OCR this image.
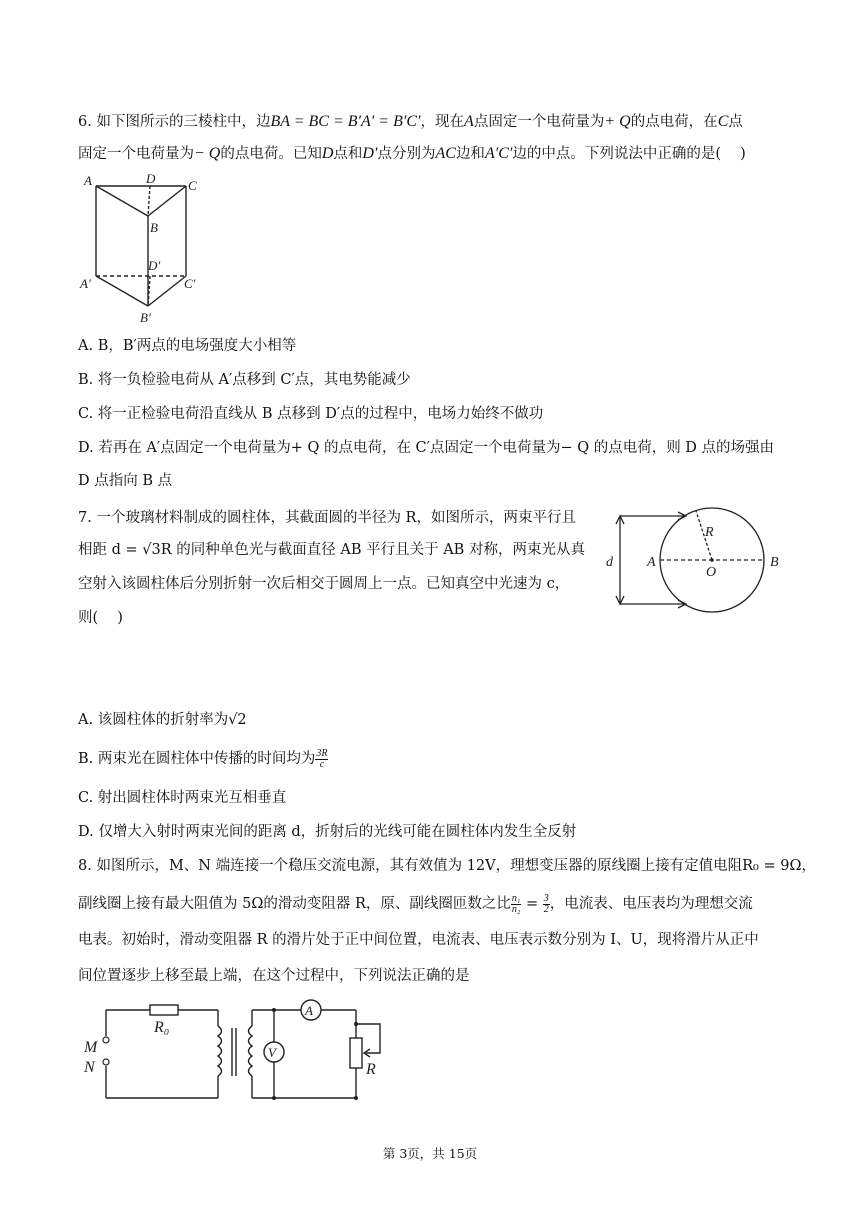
6. 如下图所示的三棱柱中，边BA = BC = B′A′ = B′C′，现在A点固定一个电荷量为+ Q的点电荷，在C点
固定一个电荷量为− Q的点电荷。已知D点和D′点分别为AC边和A′C′边的中点。下列说法中正确的是(　 )
A	D	C
B
D′
A′	C′
B′
A. B，B′两点的电场强度大小相等
B. 将一负检验电荷从 A′点移到 C′点，其电势能减少
C. 将一正检验电荷沿直线从 B 点移到 D′点的过程中，电场力始终不做功
D. 若再在 A′点固定一个电荷量为+ Q 的点电荷，在 C′点固定一个电荷量为− Q 的点电荷，则 D 点的场强由
D 点指向 B 点
7. 一个玻璃材料制成的圆柱体，其截面圆的半径为 R，如图所示，两束平行且
相距 d = √3R 的同种单色光与截面直径 AB 平行且关于 AB 对称，两束光从真
空射入该圆柱体后分别折射一次后相交于圆周上一点。已知真空中光速为 c，
则(　 )
R
d A
O
B
A. 该圆柱体的折射率为√2
B. 两束光在圆柱体中传播的时间均为 $\frac{3R}{c}$
C. 射出圆柱体时两束光互相垂直
D. 仅增大入射时两束光间的距离 d，折射后的光线可能在圆柱体内发生全反射
8. 如图所示，M、N 端连接一个稳压交流电源，其有效值为 12V，理想变压器的原线圈上接有定值电阻R₀ = 9Ω，
副线圈上接有最大阻值为 5Ω的滑动变阻器 R，原、副线圈匝数之比 $\frac{\text{n₁}}{\text{n₂}} = \frac{3}{2}$ ，电流表、电压表均为理想交流
电表。初始时，滑动变阻器 R 的滑片处于正中间位置，电流表、电压表示数分别为 I、U，现将滑片从正中
间位置逐步上移至最上端，在这个过程中，下列说法正确的是
R₀
M
N
A
V
R
第 3页，共 15页
